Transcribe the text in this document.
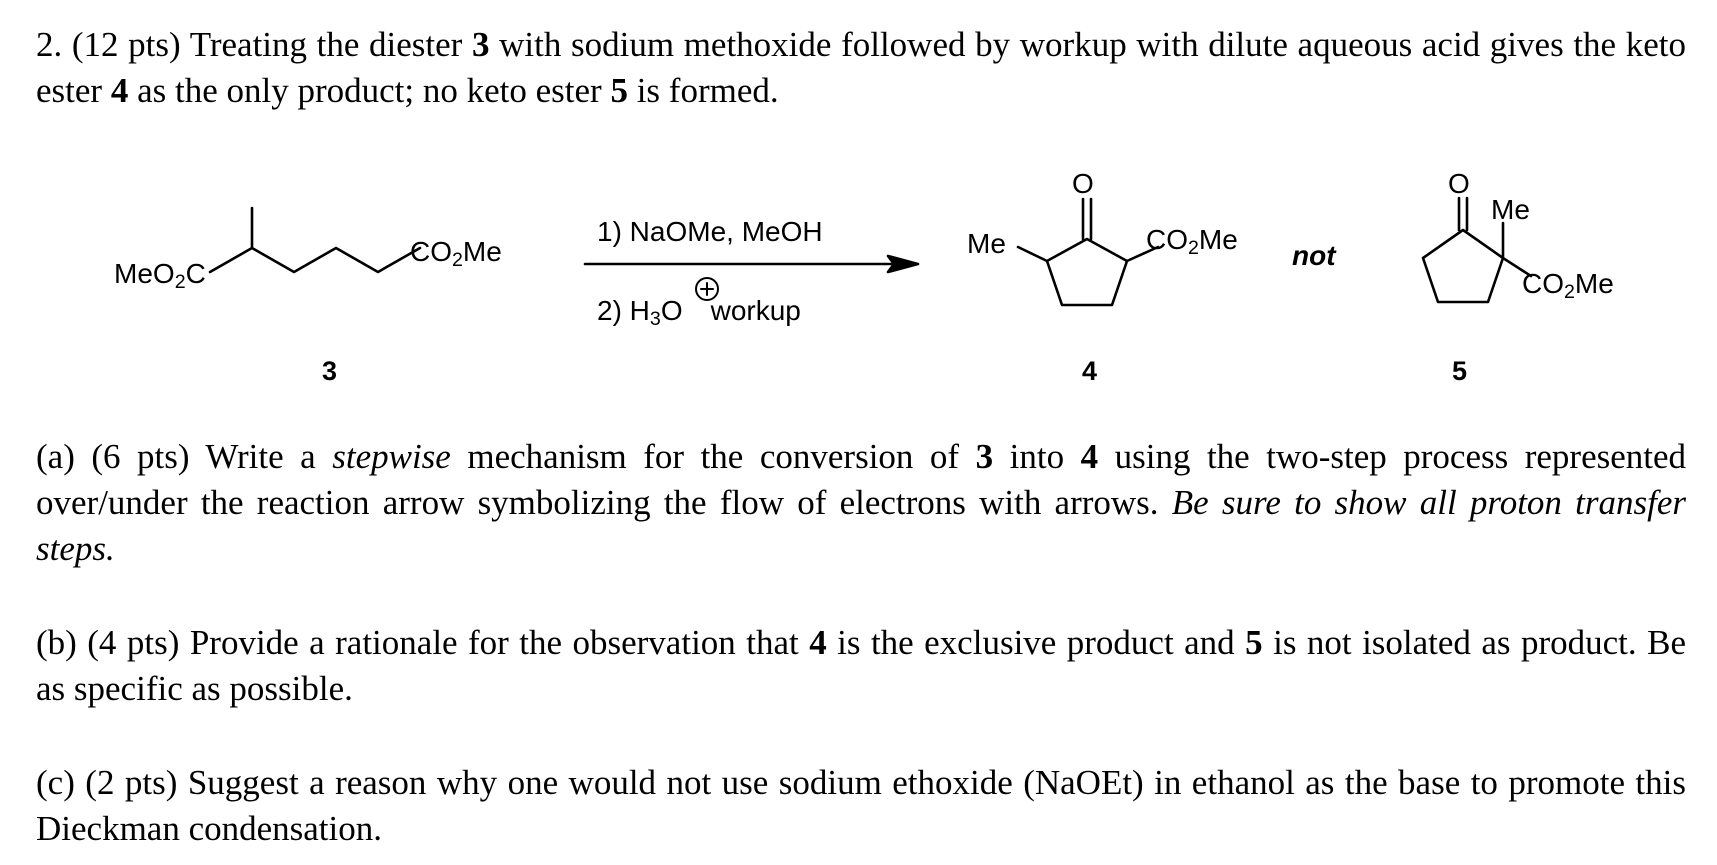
2. (12 pts) Treating the diester 3 with sodium methoxide followed by workup with dilute aqueous acid gives the keto ester 4 as the only product; no keto ester 5 is formed.
MeO$_2$C
$CO_2Me$
3
1) NaOMe, MeOH
2) $H_3O$ workup
O
Me	$CO_2Me$
4
not
O
Me
$CO_2Me$
5
(a) (6 pts) Write a stepwise mechanism for the conversion of 3 into 4 using the two-step process represented over/under the reaction arrow symbolizing the flow of electrons with arrows. Be sure to show all proton transfer steps.
(b) (4 pts) Provide a rationale for the observation that 4 is the exclusive product and 5 is not isolated as product. Be as specific as possible.
(c) (2 pts) Suggest a reason why one would not use sodium ethoxide (NaOEt) in ethanol as the base to promote this Dieckman condensation.
